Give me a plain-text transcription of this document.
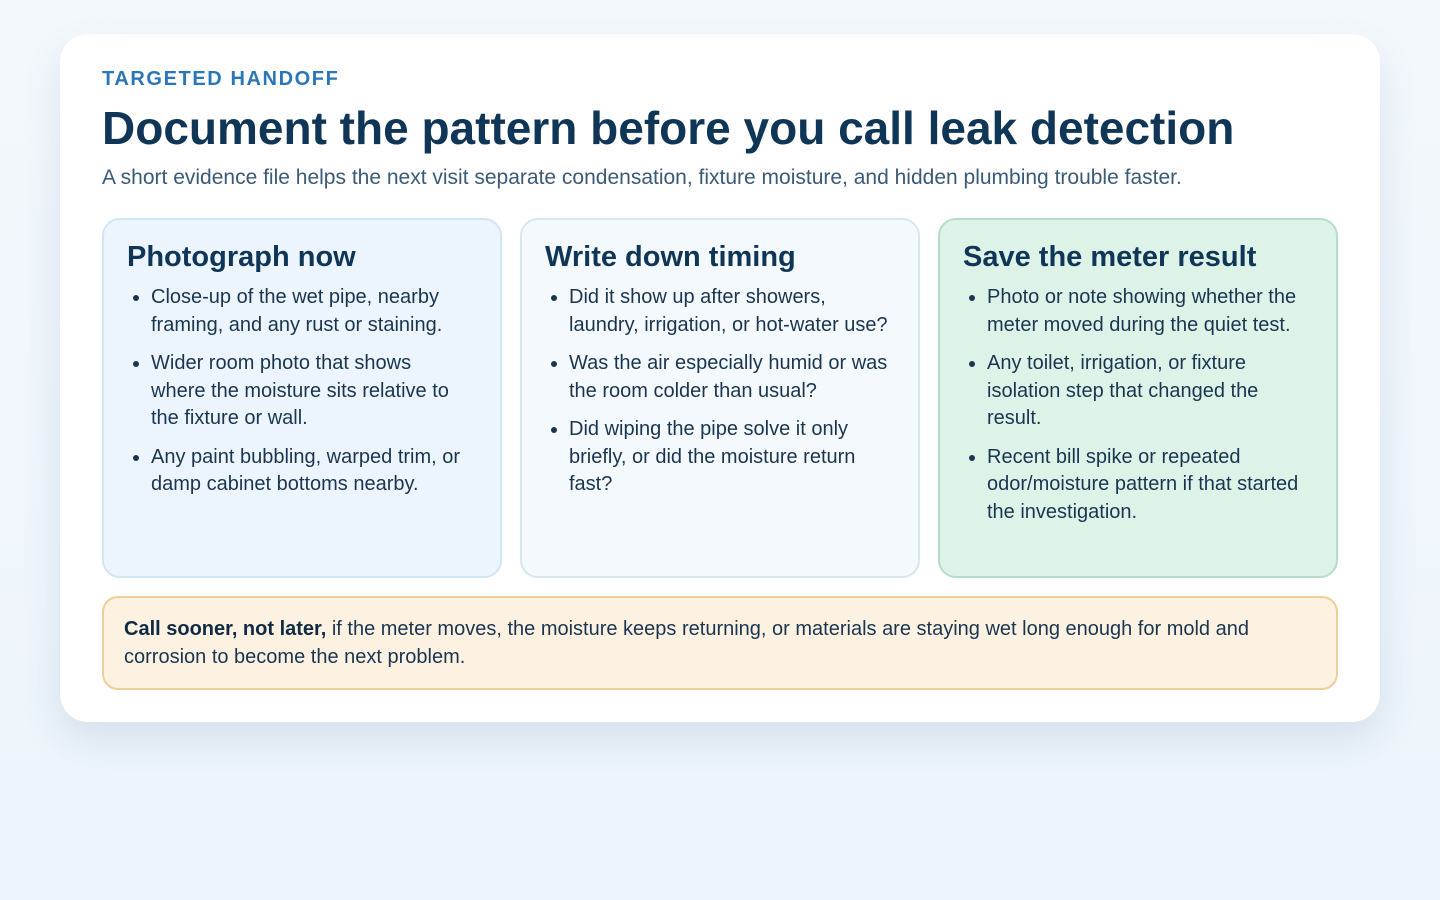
TARGETED HANDOFF

Document the pattern before you call leak detection

A short evidence file helps the next visit separate condensation, fixture moisture, and hidden plumbing trouble faster.

Photograph now
• Close-up of the wet pipe, nearby framing, and any rust or staining.
• Wider room photo that shows where the moisture sits relative to the fixture or wall.
• Any paint bubbling, warped trim, or damp cabinet bottoms nearby.
Write down timing
• Did it show up after showers, laundry, irrigation, or hot-water use?
• Was the air especially humid or was the room colder than usual?
• Did wiping the pipe solve it only briefly, or did the moisture return fast?
Save the meter result
• Photo or note showing whether the meter moved during the quiet test.
• Any toilet, irrigation, or fixture isolation step that changed the result.
• Recent bill spike or repeated odor/moisture pattern if that started the investigation.
Call sooner, not later, if the meter moves, the moisture keeps returning, or materials are staying wet long enough for mold and corrosion to become the next problem.
